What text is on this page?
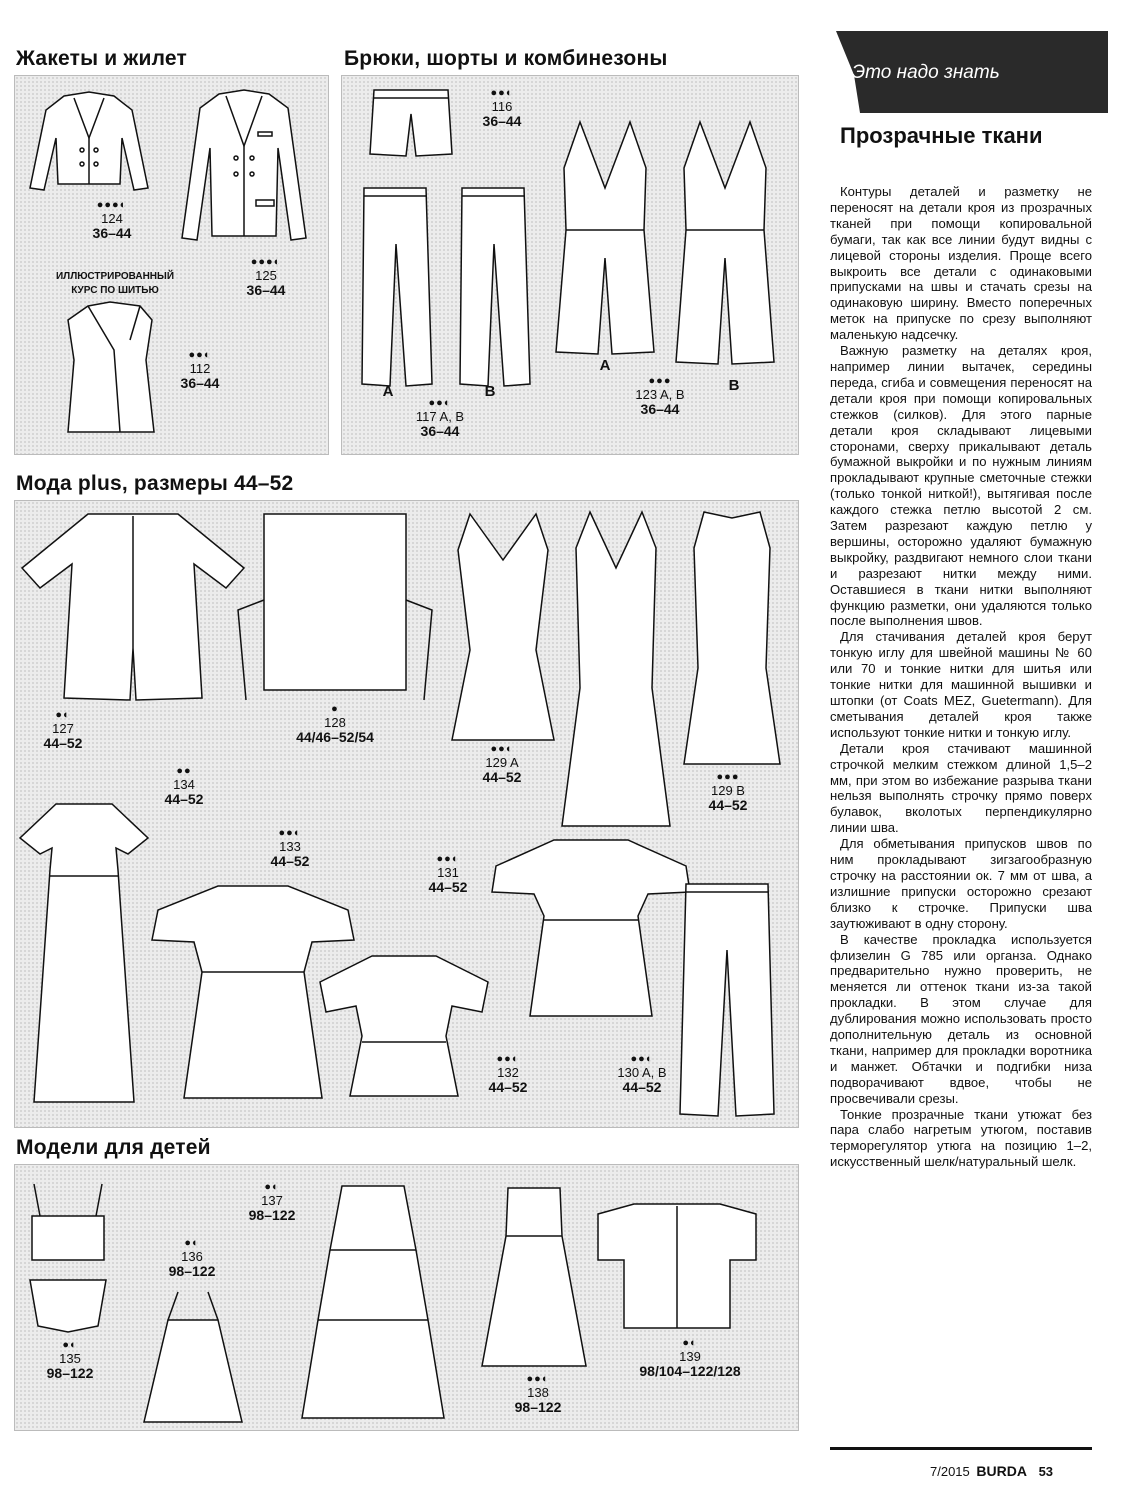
Жакеты и жилет	Брюки, шорты и комбинезоны
Мода plus, размеры 44–52
Модели для детей
●●●◐
124
36–44
●●●◐
125
36–44
ИЛЛЮСТРИРОВАННЫЙ
КУРС ПО ШИТЬЮ
●●◐
112
36–44
●●◐
116
36–44
A	B
●●◐
117 A, B
36–44
A
B
●●●
123 A, B
36–44
●◐
127
44–52
●
128
44/46–52/54
●●◐
129 A
44–52	●●●
129 B
44–52
●●
134
44–52
●●◐
133
44–52	●●◐
131
44–52
●●◐
132
44–52
●●◐
130 A, B
44–52
●◐
135
98–122
●◐
136
98–122
●◐
137
98–122
●●◐
138
98–122
●◐
139
98/104–122/128
Это надо знать
Прозрачные ткани

Контуры деталей и разметку не переносят на детали кроя из прозрачных тканей при помощи копировальной бумаги, так как все линии будут видны с лицевой стороны изделия. Проще всего выкроить все детали с одинаковыми припусками на швы и стачать срезы на одинаковую ширину. Вместо поперечных меток на припуске по срезу выполняют маленькую надсечку.

Важную разметку на деталях кроя, например линии вытачек, середины переда, сгиба и совмещения переносят на детали кроя при помощи копировальных стежков (силков). Для этого парные детали кроя складывают лицевыми сторонами, сверху прикалывают деталь бумажной выкройки и по нужным линиям прокладывают крупные сметочные стежки (только тонкой ниткой!), вытягивая после каждого стежка петлю высотой 2 см. Затем разрезают каждую петлю у вершины, осторожно удаляют бумажную выкройку, раздвигают немного слои ткани и разрезают нитки между ними. Оставшиеся в ткани нитки выполняют функцию разметки, они удаляются только после выполнения швов.

Для стачивания деталей кроя берут тонкую иглу для швейной машины № 60 или 70 и тонкие нитки для шитья или тонкие нитки для машинной вышивки и штопки (от Coats MEZ, Guetermann). Для сметывания деталей кроя также используют тонкие нитки и тонкую иглу.

Детали кроя стачивают машинной строчкой мелким стежком длиной 1,5–2 мм, при этом во избежание разрыва ткани нельзя выполнять строчку прямо поверх булавок, вколотых перпендикулярно линии шва.

Для обметывания припусков швов по ним прокладывают зигзагообразную строчку на расстоянии ок. 7 мм от шва, а излишние припуски осторожно срезают близко к строчке. Припуски шва заутюживают в одну сторону.

В качестве прокладка используется флизелин G 785 или органза. Однако предварительно нужно проверить, не меняется ли оттенок ткани из-за такой прокладки. В этом случае для дублирования можно использовать просто дополнительную деталь из основной ткани, например для прокладки воротника и манжет. Обтачки и подгибки низа подворачивают вдвое, чтобы не просвечивали срезы.

Тонкие прозрачные ткани утюжат без пара слабо нагретым утюгом, поставив терморегулятор утюга на позицию 1–2, искусственный шелк/натуральный шелк.

7/2015 BURDA 53
